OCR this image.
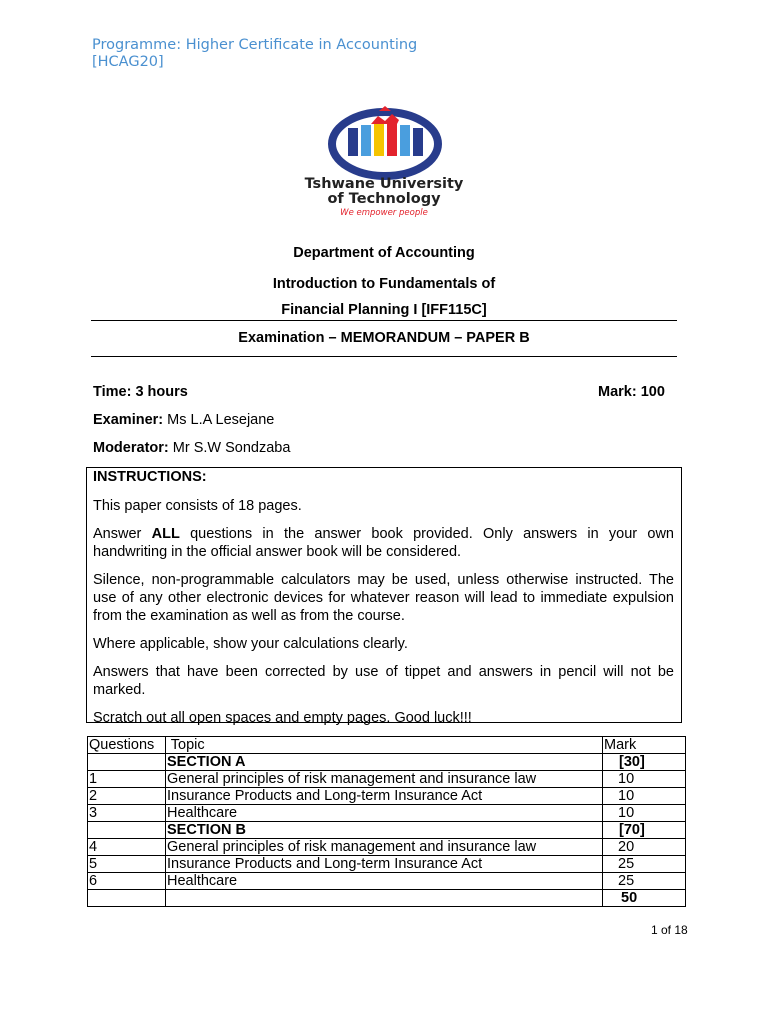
Programme: Higher Certificate in Accounting
[HCAG20]
Tshwane University
of Technology
We empower people
Department of Accounting
Introduction to Fundamentals of
Financial Planning I [IFF115C]
Examination – MEMORANDUM – PAPER B
Time: 3 hours	Mark: 100
Examiner: Ms L.A Lesejane
Moderator: Mr S.W Sondzaba
INSTRUCTIONS:

This paper consists of 18 pages.

Answer ALL questions in the answer book provided. Only answers in your own handwriting in the official answer book will be considered.

Silence, non-programmable calculators may be used, unless otherwise instructed. The use of any other electronic devices for whatever reason will lead to immediate expulsion from the examination as well as from the course.

Where applicable, show your calculations clearly.

Answers that have been corrected by use of tippet and answers in pencil will not be marked.

Scratch out all open spaces and empty pages. Good luck!!!

Questions	Topic	Mark
	SECTION A	[30]
1	General principles of risk management and insurance law	10
2	Insurance Products and Long-term Insurance Act	10
3	Healthcare	10
	SECTION B	[70]
4	General principles of risk management and insurance law	20
5	Insurance Products and Long-term Insurance Act	25
6	Healthcare	25
		50
1 of 18
